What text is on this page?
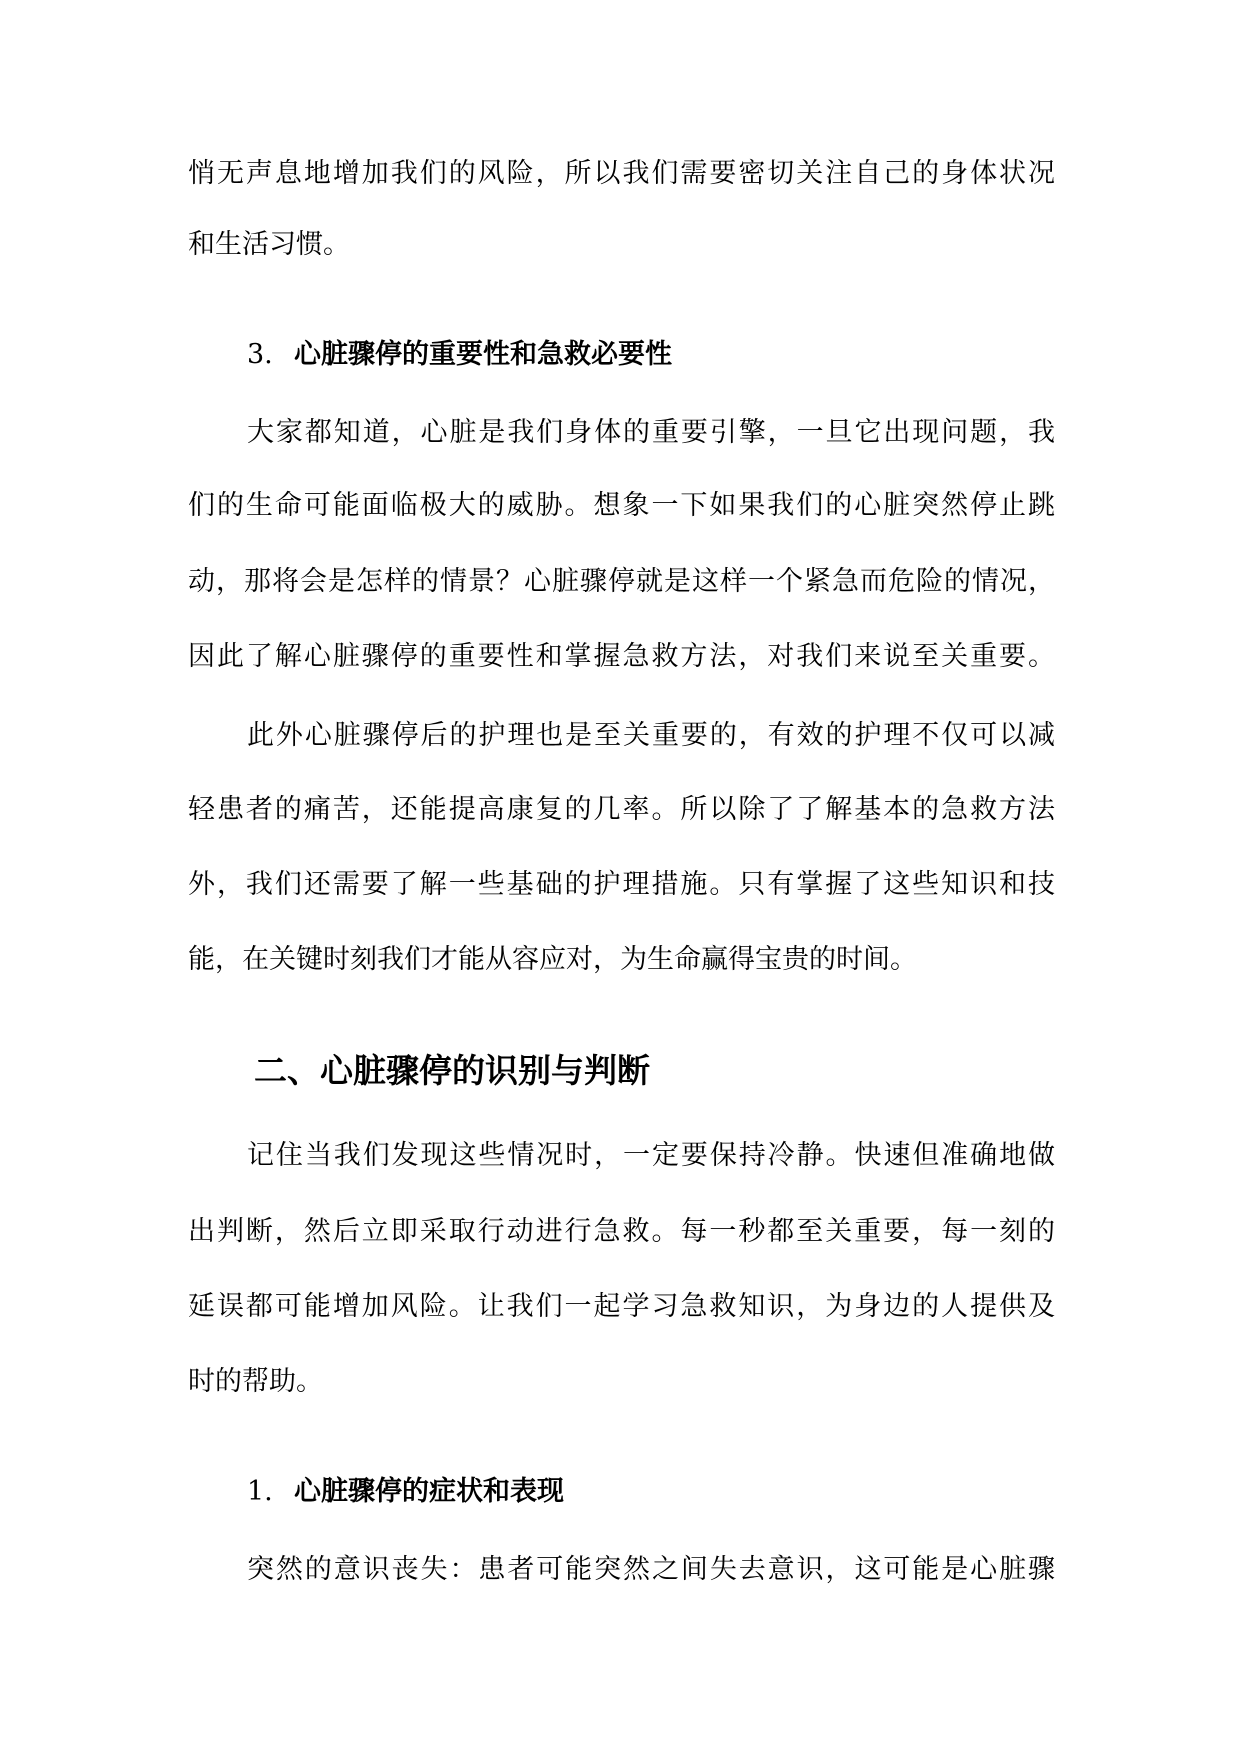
悄无声息地增加我们的风险，所以我们需要密切关注自己的身体状况
和生活习惯。
3. 心脏骤停的重要性和急救必要性
大家都知道，心脏是我们身体的重要引擎，一旦它出现问题，我
们的生命可能面临极大的威胁。想象一下如果我们的心脏突然停止跳
动，那将会是怎样的情景？心脏骤停就是这样一个紧急而危险的情况，
因此了解心脏骤停的重要性和掌握急救方法，对我们来说至关重要。
此外心脏骤停后的护理也是至关重要的，有效的护理不仅可以减
轻患者的痛苦，还能提高康复的几率。所以除了了解基本的急救方法
外，我们还需要了解一些基础的护理措施。只有掌握了这些知识和技
能，在关键时刻我们才能从容应对，为生命赢得宝贵的时间。
二、心脏骤停的识别与判断
记住当我们发现这些情况时，一定要保持冷静。快速但准确地做
出判断，然后立即采取行动进行急救。每一秒都至关重要，每一刻的
延误都可能增加风险。让我们一起学习急救知识，为身边的人提供及
时的帮助。
1. 心脏骤停的症状和表现
突然的意识丧失：患者可能突然之间失去意识，这可能是心脏骤
